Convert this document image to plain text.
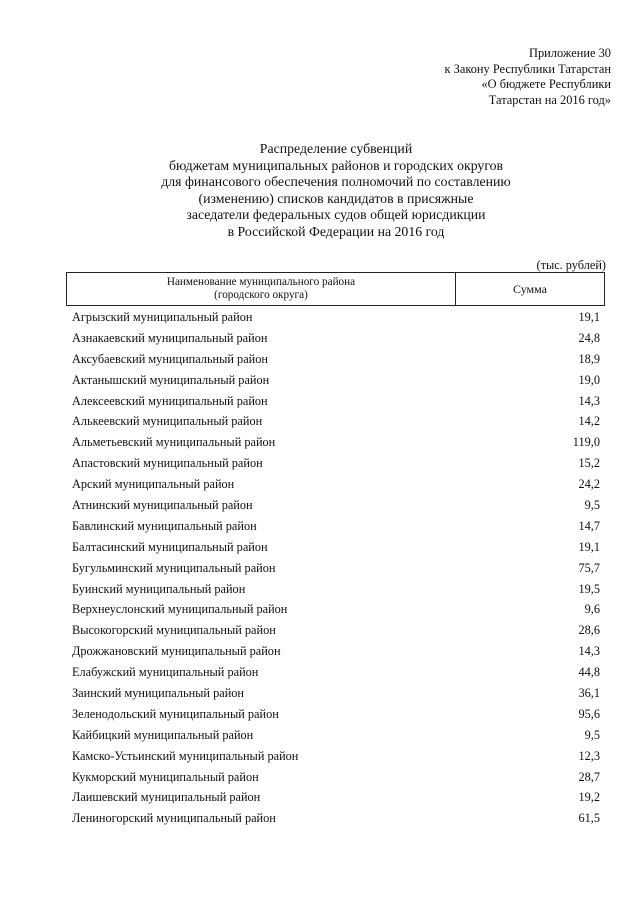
Приложение 30
к Закону Республики Татарстан
«О бюджете Республики
Татарстан на 2016 год»
Распределение субвенций
бюджетам муниципальных районов и городских округов
для финансового обеспечения полномочий по составлению
(изменению) списков кандидатов в присяжные
заседатели федеральных судов общей юрисдикции
в Российской Федерации на 2016 год
(тыс. рублей)
Наименование муниципального района
(городского округа)	Сумма
Агрызский муниципальный район	19,1
Азнакаевский муниципальный район	24,8
Аксубаевский муниципальный район	18,9
Актанышский муниципальный район	19,0
Алексеевский муниципальный район	14,3
Алькеевский муниципальный район	14,2
Альметьевский муниципальный район	119,0
Апастовский муниципальный район	15,2
Арский муниципальный район	24,2
Атнинский муниципальный район	9,5
Бавлинский муниципальный район	14,7
Балтасинский муниципальный район	19,1
Бугульминский муниципальный район	75,7
Буинский муниципальный район	19,5
Верхнеуслонский муниципальный район	9,6
Высокогорский муниципальный район	28,6
Дрожжановский муниципальный район	14,3
Елабужский муниципальный район	44,8
Заинский муниципальный район	36,1
Зеленодольский муниципальный район	95,6
Кайбицкий муниципальный район	9,5
Камско-Устьинский муниципальный район	12,3
Кукморский муниципальный район	28,7
Лаишевский муниципальный район	19,2
Лениногорский муниципальный район	61,5
